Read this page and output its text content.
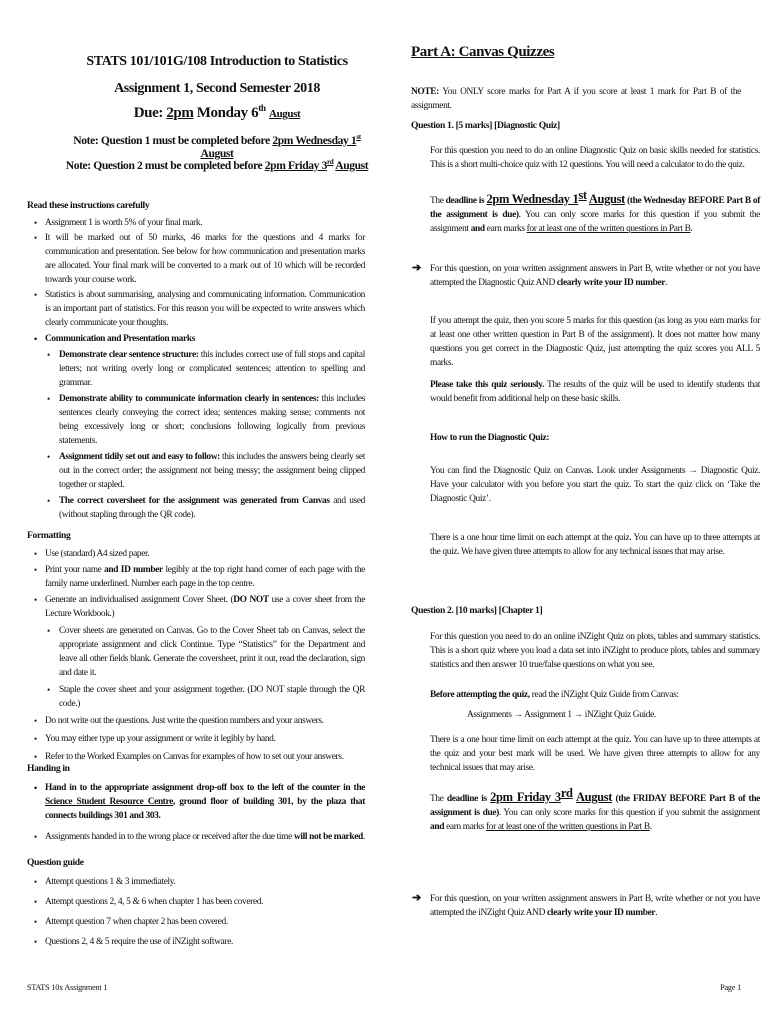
STATS 101/101G/108 Introduction to Statistics
Assignment 1, Second Semester 2018
Due: 2pm Monday 6th August
Note: Question 1 must be completed before 2pm Wednesday 1st August
Note: Question 2 must be completed before 2pm Friday 3rd August

Read these instructions carefully

• Assignment 1 is worth 5% of your final mark.
• It will be marked out of 50 marks, 46 marks for the questions and 4 marks for communication and presentation. See below for how communication and presentation marks are allocated. Your final mark will be converted to a mark out of 10 which will be recorded towards your course work.
• Statistics is about summarising, analysing and communicating information. Communication is an important part of statistics. For this reason you will be expected to write answers which clearly communicate your thoughts.
• Communication and Presentation marks
• Demonstrate clear sentence structure: this includes correct use of full stops and capital letters; not writing overly long or complicated sentences; attention to spelling and grammar.
• Demonstrate ability to communicate information clearly in sentences: this includes sentences clearly conveying the correct idea; sentences making sense; comments not being excessively long or short; conclusions following logically from previous statements.
• Assignment tidily set out and easy to follow: this includes the answers being clearly set out in the correct order; the assignment not being messy; the assignment being clipped together or stapled.
• The correct coversheet for the assignment was generated from Canvas and used (without stapling through the QR code).

Formatting

• Use (standard) A4 sized paper.
• Print your name and ID number legibly at the top right hand corner of each page with the family name underlined. Number each page in the top centre.
• Generate an individualised assignment Cover Sheet. (DO NOT use a cover sheet from the Lecture Workbook.)
• Cover sheets are generated on Canvas. Go to the Cover Sheet tab on Canvas, select the appropriate assignment and click Continue. Type “Statistics” for the Department and leave all other fields blank. Generate the coversheet, print it out, read the declaration, sign and date it.
• Staple the cover sheet and your assignment together. (DO NOT staple through the QR code.)
• Do not write out the questions. Just write the question numbers and your answers.
• You may either type up your assignment or write it legibly by hand.
• Refer to the Worked Examples on Canvas for examples of how to set out your answers.

Handing in

• Hand in to the appropriate assignment drop-off box to the left of the counter in the Science Student Resource Centre, ground floor of building 301, by the plaza that connects buildings 301 and 303.
• Assignments handed in to the wrong place or received after the due time will not be marked.

Question guide

• Attempt questions 1 & 3 immediately.
• Attempt questions 2, 4, 5 & 6 when chapter 1 has been covered.
• Attempt question 7 when chapter 2 has been covered.
• Questions 2, 4 & 5 require the use of iNZight software.
Part A: Canvas Quizzes
NOTE: You ONLY score marks for Part A if you score at least 1 mark for Part B of the assignment.
Question 1. [5 marks] [Diagnostic Quiz]
For this question you need to do an online Diagnostic Quiz on basic skills needed for statistics. This is a short multi-choice quiz with 12 questions. You will need a calculator to do the quiz.
The deadline is 2pm Wednesday 1st August (the Wednesday BEFORE Part B of the assignment is due). You can only score marks for this question if you submit the assignment and earn marks for at least one of the written questions in Part B.
➔ For this question, on your written assignment answers in Part B, write whether or not you have attempted the Diagnostic Quiz AND clearly write your ID number.
If you attempt the quiz, then you score 5 marks for this question (as long as you earn marks for at least one other written question in Part B of the assignment). It does not matter how many questions you get correct in the Diagnostic Quiz, just attempting the quiz scores you ALL 5 marks.
Please take this quiz seriously. The results of the quiz will be used to identify students that would benefit from additional help on these basic skills.
How to run the Diagnostic Quiz:
You can find the Diagnostic Quiz on Canvas. Look under Assignments → Diagnostic Quiz. Have your calculator with you before you start the quiz. To start the quiz click on ‘Take the Diagnostic Quiz’.
There is a one hour time limit on each attempt at the quiz. You can have up to three attempts at the quiz. We have given three attempts to allow for any technical issues that may arise.
Question 2. [10 marks] [Chapter 1]
For this question you need to do an online iNZight Quiz on plots, tables and summary statistics. This is a short quiz where you load a data set into iNZight to produce plots, tables and summary statistics and then answer 10 true/false questions on what you see.
Before attempting the quiz, read the iNZight Quiz Guide from Canvas:
Assignments → Assignment 1 → iNZight Quiz Guide.
There is a one hour time limit on each attempt at the quiz. You can have up to three attempts at the quiz and your best mark will be used. We have given three attempts to allow for any technical issues that may arise.
The deadline is 2pm Friday 3rd August (the FRIDAY BEFORE Part B of the assignment is due). You can only score marks for this question if you submit the assignment and earn marks for at least one of the written questions in Part B.
➔ For this question, on your written assignment answers in Part B, write whether or not you have attempted the iNZight Quiz AND clearly write your ID number.
STATS 10x Assignment 1	Page 1
